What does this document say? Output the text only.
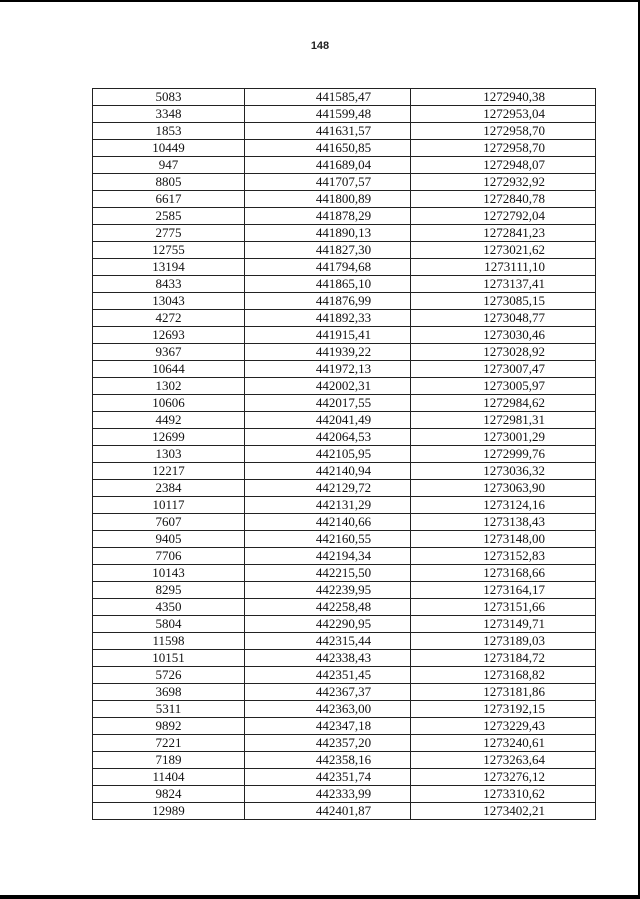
148
5083	441585,47	1272940,38
3348	441599,48	1272953,04
1853	441631,57	1272958,70
10449	441650,85	1272958,70
947	441689,04	1272948,07
8805	441707,57	1272932,92
6617	441800,89	1272840,78
2585	441878,29	1272792,04
2775	441890,13	1272841,23
12755	441827,30	1273021,62
13194	441794,68	1273111,10
8433	441865,10	1273137,41
13043	441876,99	1273085,15
4272	441892,33	1273048,77
12693	441915,41	1273030,46
9367	441939,22	1273028,92
10644	441972,13	1273007,47
1302	442002,31	1273005,97
10606	442017,55	1272984,62
4492	442041,49	1272981,31
12699	442064,53	1273001,29
1303	442105,95	1272999,76
12217	442140,94	1273036,32
2384	442129,72	1273063,90
10117	442131,29	1273124,16
7607	442140,66	1273138,43
9405	442160,55	1273148,00
7706	442194,34	1273152,83
10143	442215,50	1273168,66
8295	442239,95	1273164,17
4350	442258,48	1273151,66
5804	442290,95	1273149,71
11598	442315,44	1273189,03
10151	442338,43	1273184,72
5726	442351,45	1273168,82
3698	442367,37	1273181,86
5311	442363,00	1273192,15
9892	442347,18	1273229,43
7221	442357,20	1273240,61
7189	442358,16	1273263,64
11404	442351,74	1273276,12
9824	442333,99	1273310,62
12989	442401,87	1273402,21
